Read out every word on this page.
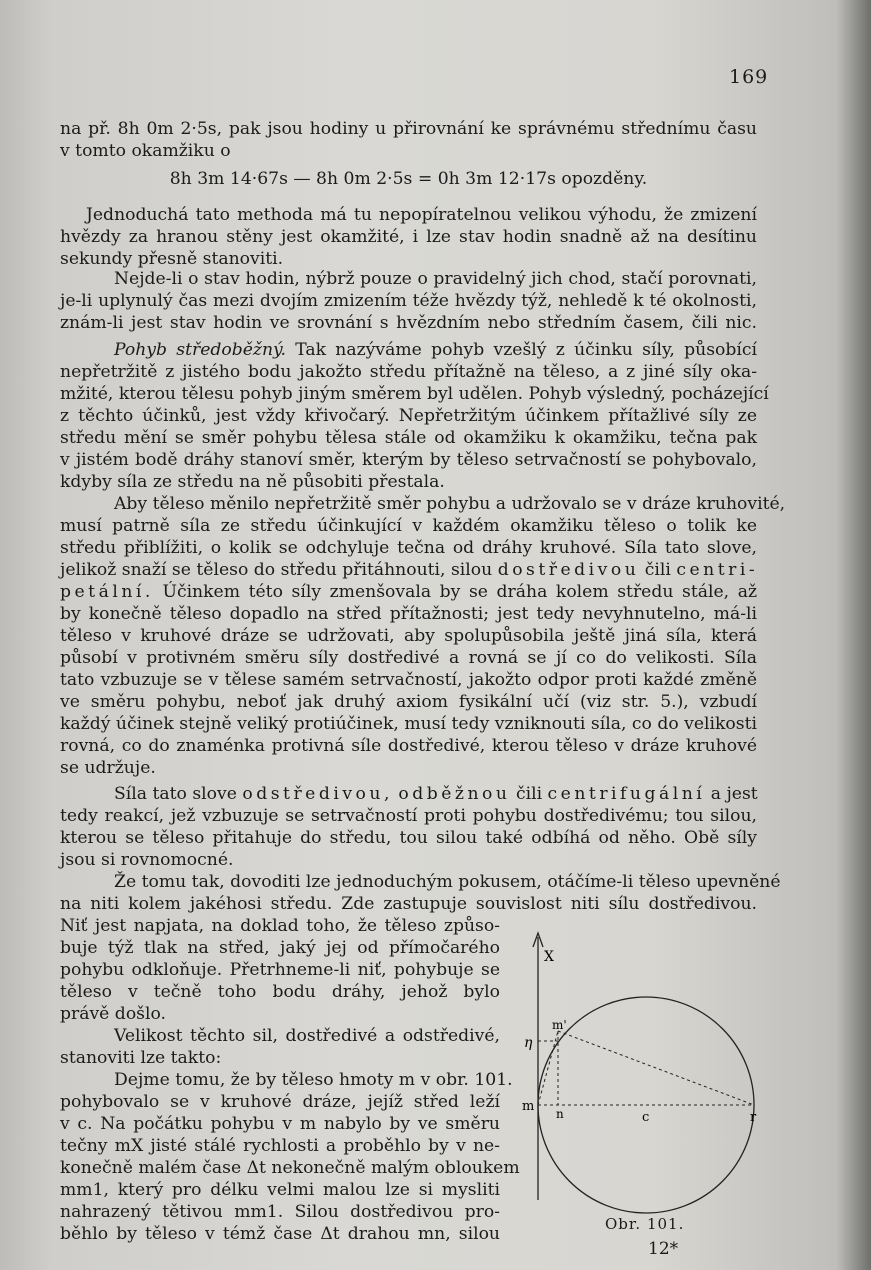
169
na př. 8h 0m 2·5s, pak jsou hodiny u přirovnání ke správnému střednímu času
v tomto okamžiku o
8h 3m 14·67s — 8h 0m 2·5s = 0h 3m 12·17s opozděny.
Jednoduchá tato methoda má tu nepopíratelnou velikou výhodu, že zmizení
hvězdy za hranou stěny jest okamžité, i lze stav hodin snadně až na desítinu
sekundy přesně stanoviti.
Nejde-li o stav hodin, nýbrž pouze o pravidelný jich chod, stačí porovnati,
je-li uplynulý čas mezi dvojím zmizením téže hvězdy týž, nehledě k té okolnosti,
znám-li jest stav hodin ve srovnání s hvězdním nebo středním časem, čili nic.
Pohyb středoběžný. Tak nazýváme pohyb vzešlý z účinku síly, působící
nepřetržitě z jistého bodu jakožto středu přítažně na těleso, a z jiné síly oka-
mžité, kterou tělesu pohyb jiným směrem byl udělen. Pohyb výsledný, pocházející
z těchto účinků, jest vždy křivočarý. Nepřetržitým účinkem přítažlivé síly ze
středu mění se směr pohybu tělesa stále od okamžiku k okamžiku, tečna pak
v jistém bodě dráhy stanoví směr, kterým by těleso setrvačností se pohybovalo,
kdyby síla ze středu na ně působiti přestala.
Aby těleso měnilo nepřetržitě směr pohybu a udržovalo se v dráze kruhovité,
musí patrně síla ze středu účinkující v každém okamžiku těleso o tolik ke
středu přiblížiti, o kolik se odchyluje tečna od dráhy kruhové. Síla tato slove,
jelikož snaží se těleso do středu přitáhnouti, silou dostředivou čili centri-
petální. Účinkem této síly zmenšovala by se dráha kolem středu stále, až
by konečně těleso dopadlo na střed přítažnosti; jest tedy nevyhnutelno, má-li
těleso v kruhové dráze se udržovati, aby spolupůsobila ještě jiná síla, která
působí v protivném směru síly dostředivé a rovná se jí co do velikosti. Síla
tato vzbuzuje se v tělese samém setrvačností, jakožto odpor proti každé změně
ve směru pohybu, neboť jak druhý axiom fysikální učí (viz str. 5.), vzbudí
každý účinek stejně veliký protiúčinek, musí tedy vzniknouti síla, co do velikosti
rovná, co do znaménka protivná síle dostředivé, kterou těleso v dráze kruhové
se udržuje.
Síla tato slove odstředivou, odběžnou čili centrifugální a jest
tedy reakcí, jež vzbuzuje se setrvačností proti pohybu dostředivému; tou silou,
kterou se těleso přitahuje do středu, tou silou také odbíhá od něho. Obě síly
jsou si rovnomocné.
Že tomu tak, dovoditi lze jednoduchým pokusem, otáčíme-li těleso upevněné
na niti kolem jakéhosi středu. Zde zastupuje souvislost niti sílu dostředivou.
Niť jest napjata, na doklad toho, že těleso způso-
buje týž tlak na střed, jaký jej od přímočarého
pohybu odkloňuje. Přetrhneme-li niť, pohybuje se
těleso v tečně toho bodu dráhy, jehož bylo
právě došlo.
Velikost těchto sil, dostředivé a odstředivé,
stanoviti lze takto:
Dejme tomu, že by těleso hmoty m v obr. 101.
pohybovalo se v kruhové dráze, jejíž střed leží
v c. Na počátku pohybu v m nabylo by ve směru
tečny mX jisté stálé rychlosti a proběhlo by v ne-
konečně malém čase Δt nekonečně malým obloukem
mm1, který pro délku velmi malou lze si mysliti
nahrazený tětivou mm1. Silou dostředivou pro-
běhlo by těleso v témž čase Δt drahou mn, silou
X
η
m
m'
n	c	r
Obr. 101.
12*
